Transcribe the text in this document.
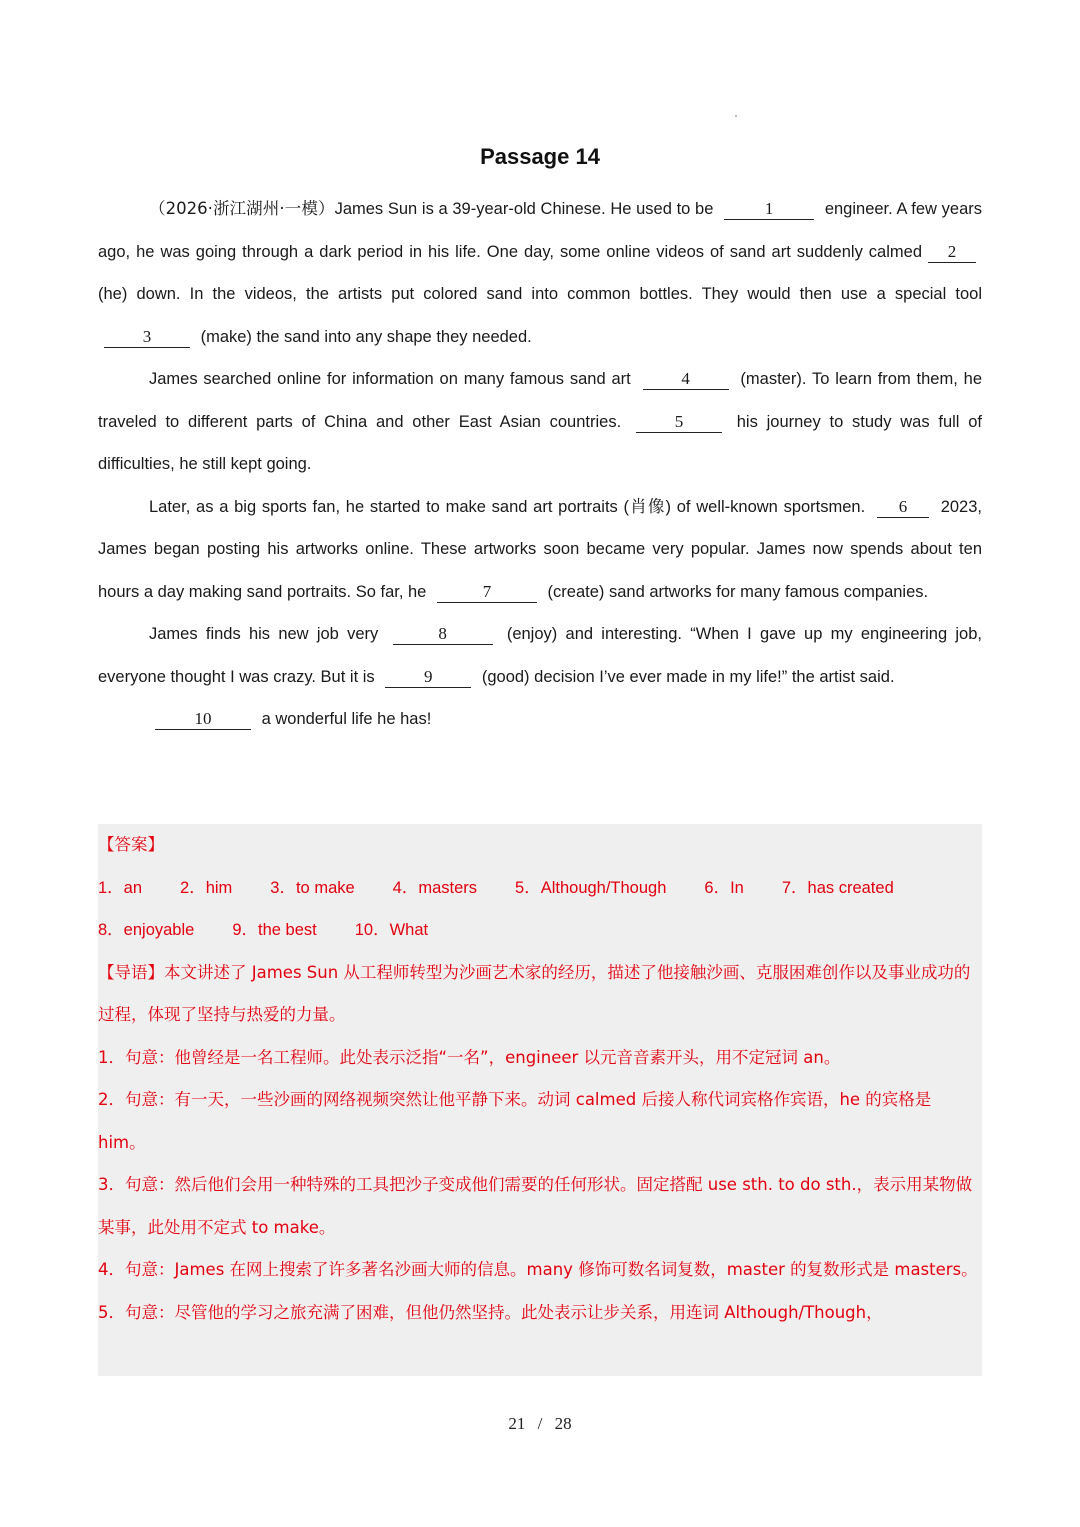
Passage 14

（2026·浙江湖州·一模）James Sun is a 39-year-old Chinese. He used to be	1	engineer. A few years ago, he was going through a dark period in his life. One day, some online videos of sand art suddenly calmed 2 (he) down. In the videos, the artists put colored sand into common bottles. They would then use a special tool 3	(make) the sand into any shape they needed.

James searched online for information on many famous sand art	4	(master). To learn from them, he traveled to different parts of China and other East Asian countries.	5	his journey to study was full of difficulties, he still kept going.

Later, as a big sports fan, he started to make sand art portraits (肖像) of well-known sportsmen. 6 2023, James began posting his artworks online. These artworks soon became very popular. James now spends about ten hours a day making sand portraits. So far, he	7	(create) sand artworks for many famous companies.

James finds his new job very	8	(enjoy) and interesting. “When I gave up my engineering job, everyone thought I was crazy. But it is	9	(good) decision I’ve ever made in my life!” the artist said.

10	a wonderful life he has!

【答案】

1．an 2．him 3．to make 4．masters 5．Although/Though 6．In 7．has created

8．enjoyable 9．the best 10．What

【导语】本文讲述了 James Sun 从工程师转型为沙画艺术家的经历，描述了他接触沙画、克服困难创作以及事业成功的过程，体现了坚持与热爱的力量。

1．句意：他曾经是一名工程师。此处表示泛指“一名”，engineer 以元音音素开头，用不定冠词 an。

2．句意：有一天，一些沙画的网络视频突然让他平静下来。动词 calmed 后接人称代词宾格作宾语，he 的宾格是 him。

3．句意：然后他们会用一种特殊的工具把沙子变成他们需要的任何形状。固定搭配 use sth. to do sth.，表示用某物做某事，此处用不定式 to make。

4．句意：James 在网上搜索了许多著名沙画大师的信息。many 修饰可数名词复数，master 的复数形式是 masters。

5．句意：尽管他的学习之旅充满了困难，但他仍然坚持。此处表示让步关系，用连词 Although/Though，

21 / 28
